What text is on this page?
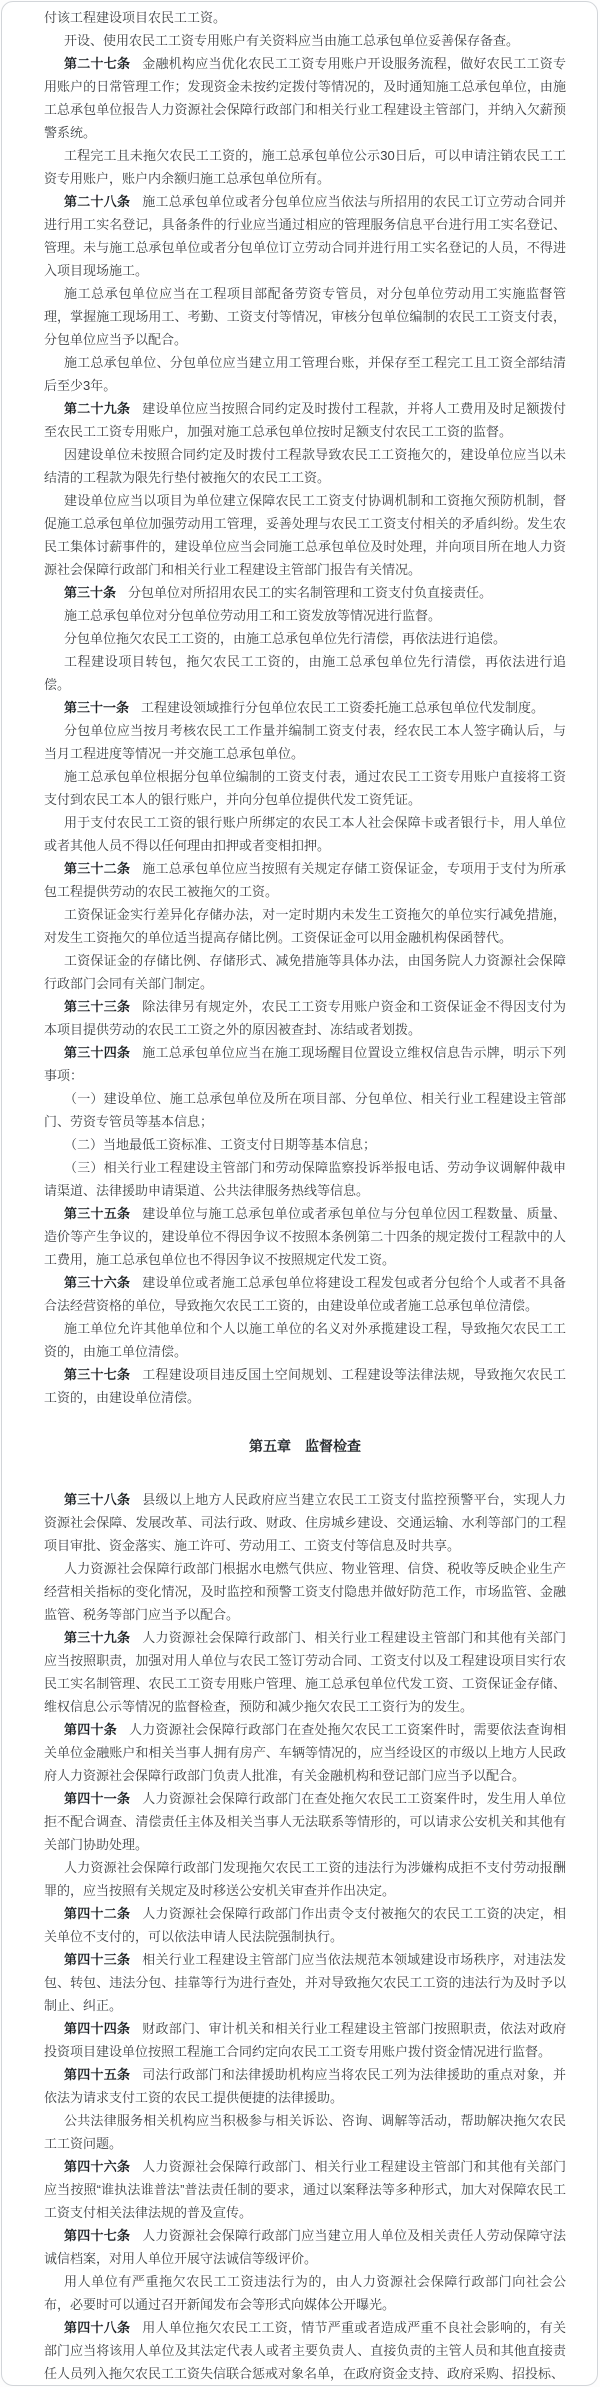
付该工程建设项目农民工工资。

开设、使用农民工工资专用账户有关资料应当由施工总承包单位妥善保存备查。

第二十七条 金融机构应当优化农民工工资专用账户开设服务流程，做好农民工工资专用账户的日常管理工作；发现资金未按约定拨付等情况的，及时通知施工总承包单位，由施工总承包单位报告人力资源社会保障行政部门和相关行业工程建设主管部门，并纳入欠薪预警系统。

工程完工且未拖欠农民工工资的，施工总承包单位公示30日后，可以申请注销农民工工资专用账户，账户内余额归施工总承包单位所有。

第二十八条 施工总承包单位或者分包单位应当依法与所招用的农民工订立劳动合同并进行用工实名登记，具备条件的行业应当通过相应的管理服务信息平台进行用工实名登记、管理。未与施工总承包单位或者分包单位订立劳动合同并进行用工实名登记的人员，不得进入项目现场施工。

施工总承包单位应当在工程项目部配备劳资专管员，对分包单位劳动用工实施监督管理，掌握施工现场用工、考勤、工资支付等情况，审核分包单位编制的农民工工资支付表，分包单位应当予以配合。

施工总承包单位、分包单位应当建立用工管理台账，并保存至工程完工且工资全部结清后至少3年。

第二十九条 建设单位应当按照合同约定及时拨付工程款，并将人工费用及时足额拨付至农民工工资专用账户，加强对施工总承包单位按时足额支付农民工工资的监督。

因建设单位未按照合同约定及时拨付工程款导致农民工工资拖欠的，建设单位应当以未结清的工程款为限先行垫付被拖欠的农民工工资。

建设单位应当以项目为单位建立保障农民工工资支付协调机制和工资拖欠预防机制，督促施工总承包单位加强劳动用工管理，妥善处理与农民工工资支付相关的矛盾纠纷。发生农民工集体讨薪事件的，建设单位应当会同施工总承包单位及时处理，并向项目所在地人力资源社会保障行政部门和相关行业工程建设主管部门报告有关情况。

第三十条 分包单位对所招用农民工的实名制管理和工资支付负直接责任。

施工总承包单位对分包单位劳动用工和工资发放等情况进行监督。

分包单位拖欠农民工工资的，由施工总承包单位先行清偿，再依法进行追偿。

工程建设项目转包，拖欠农民工工资的，由施工总承包单位先行清偿，再依法进行追偿。

第三十一条 工程建设领域推行分包单位农民工工资委托施工总承包单位代发制度。

分包单位应当按月考核农民工工作量并编制工资支付表，经农民工本人签字确认后，与当月工程进度等情况一并交施工总承包单位。

施工总承包单位根据分包单位编制的工资支付表，通过农民工工资专用账户直接将工资支付到农民工本人的银行账户，并向分包单位提供代发工资凭证。

用于支付农民工工资的银行账户所绑定的农民工本人社会保障卡或者银行卡，用人单位或者其他人员不得以任何理由扣押或者变相扣押。

第三十二条 施工总承包单位应当按照有关规定存储工资保证金，专项用于支付为所承包工程提供劳动的农民工被拖欠的工资。

工资保证金实行差异化存储办法，对一定时期内未发生工资拖欠的单位实行减免措施，对发生工资拖欠的单位适当提高存储比例。工资保证金可以用金融机构保函替代。

工资保证金的存储比例、存储形式、减免措施等具体办法，由国务院人力资源社会保障行政部门会同有关部门制定。

第三十三条 除法律另有规定外，农民工工资专用账户资金和工资保证金不得因支付为本项目提供劳动的农民工工资之外的原因被查封、冻结或者划拨。

第三十四条 施工总承包单位应当在施工现场醒目位置设立维权信息告示牌，明示下列事项：

（一）建设单位、施工总承包单位及所在项目部、分包单位、相关行业工程建设主管部门、劳资专管员等基本信息；

（二）当地最低工资标准、工资支付日期等基本信息；

（三）相关行业工程建设主管部门和劳动保障监察投诉举报电话、劳动争议调解仲裁申请渠道、法律援助申请渠道、公共法律服务热线等信息。

第三十五条 建设单位与施工总承包单位或者承包单位与分包单位因工程数量、质量、造价等产生争议的，建设单位不得因争议不按照本条例第二十四条的规定拨付工程款中的人工费用，施工总承包单位也不得因争议不按照规定代发工资。

第三十六条 建设单位或者施工总承包单位将建设工程发包或者分包给个人或者不具备合法经营资格的单位，导致拖欠农民工工资的，由建设单位或者施工总承包单位清偿。

施工单位允许其他单位和个人以施工单位的名义对外承揽建设工程，导致拖欠农民工工资的，由施工单位清偿。

第三十七条 工程建设项目违反国土空间规划、工程建设等法律法规，导致拖欠农民工工资的，由建设单位清偿。

第五章　监督检查

第三十八条 县级以上地方人民政府应当建立农民工工资支付监控预警平台，实现人力资源社会保障、发展改革、司法行政、财政、住房城乡建设、交通运输、水利等部门的工程项目审批、资金落实、施工许可、劳动用工、工资支付等信息及时共享。

人力资源社会保障行政部门根据水电燃气供应、物业管理、信贷、税收等反映企业生产经营相关指标的变化情况，及时监控和预警工资支付隐患并做好防范工作，市场监管、金融监管、税务等部门应当予以配合。

第三十九条 人力资源社会保障行政部门、相关行业工程建设主管部门和其他有关部门应当按照职责，加强对用人单位与农民工签订劳动合同、工资支付以及工程建设项目实行农民工实名制管理、农民工工资专用账户管理、施工总承包单位代发工资、工资保证金存储、维权信息公示等情况的监督检查，预防和减少拖欠农民工工资行为的发生。

第四十条 人力资源社会保障行政部门在查处拖欠农民工工资案件时，需要依法查询相关单位金融账户和相关当事人拥有房产、车辆等情况的，应当经设区的市级以上地方人民政府人力资源社会保障行政部门负责人批准，有关金融机构和登记部门应当予以配合。

第四十一条 人力资源社会保障行政部门在查处拖欠农民工工资案件时，发生用人单位拒不配合调查、清偿责任主体及相关当事人无法联系等情形的，可以请求公安机关和其他有关部门协助处理。

人力资源社会保障行政部门发现拖欠农民工工资的违法行为涉嫌构成拒不支付劳动报酬罪的，应当按照有关规定及时移送公安机关审查并作出决定。

第四十二条 人力资源社会保障行政部门作出责令支付被拖欠的农民工工资的决定，相关单位不支付的，可以依法申请人民法院强制执行。

第四十三条 相关行业工程建设主管部门应当依法规范本领域建设市场秩序，对违法发包、转包、违法分包、挂靠等行为进行查处，并对导致拖欠农民工工资的违法行为及时予以制止、纠正。

第四十四条 财政部门、审计机关和相关行业工程建设主管部门按照职责，依法对政府投资项目建设单位按照工程施工合同约定向农民工工资专用账户拨付资金情况进行监督。

第四十五条 司法行政部门和法律援助机构应当将农民工列为法律援助的重点对象，并依法为请求支付工资的农民工提供便捷的法律援助。

公共法律服务相关机构应当积极参与相关诉讼、咨询、调解等活动，帮助解决拖欠农民工工资问题。

第四十六条 人力资源社会保障行政部门、相关行业工程建设主管部门和其他有关部门应当按照“谁执法谁普法”普法责任制的要求，通过以案释法等多种形式，加大对保障农民工工资支付相关法律法规的普及宣传。

第四十七条 人力资源社会保障行政部门应当建立用人单位及相关责任人劳动保障守法诚信档案，对用人单位开展守法诚信等级评价。

用人单位有严重拖欠农民工工资违法行为的，由人力资源社会保障行政部门向社会公布，必要时可以通过召开新闻发布会等形式向媒体公开曝光。

第四十八条 用人单位拖欠农民工工资，情节严重或者造成严重不良社会影响的，有关部门应当将该用人单位及其法定代表人或者主要负责人、直接负责的主管人员和其他直接责任人员列入拖欠农民工工资失信联合惩戒对象名单，在政府资金支持、政府采购、招投标、
